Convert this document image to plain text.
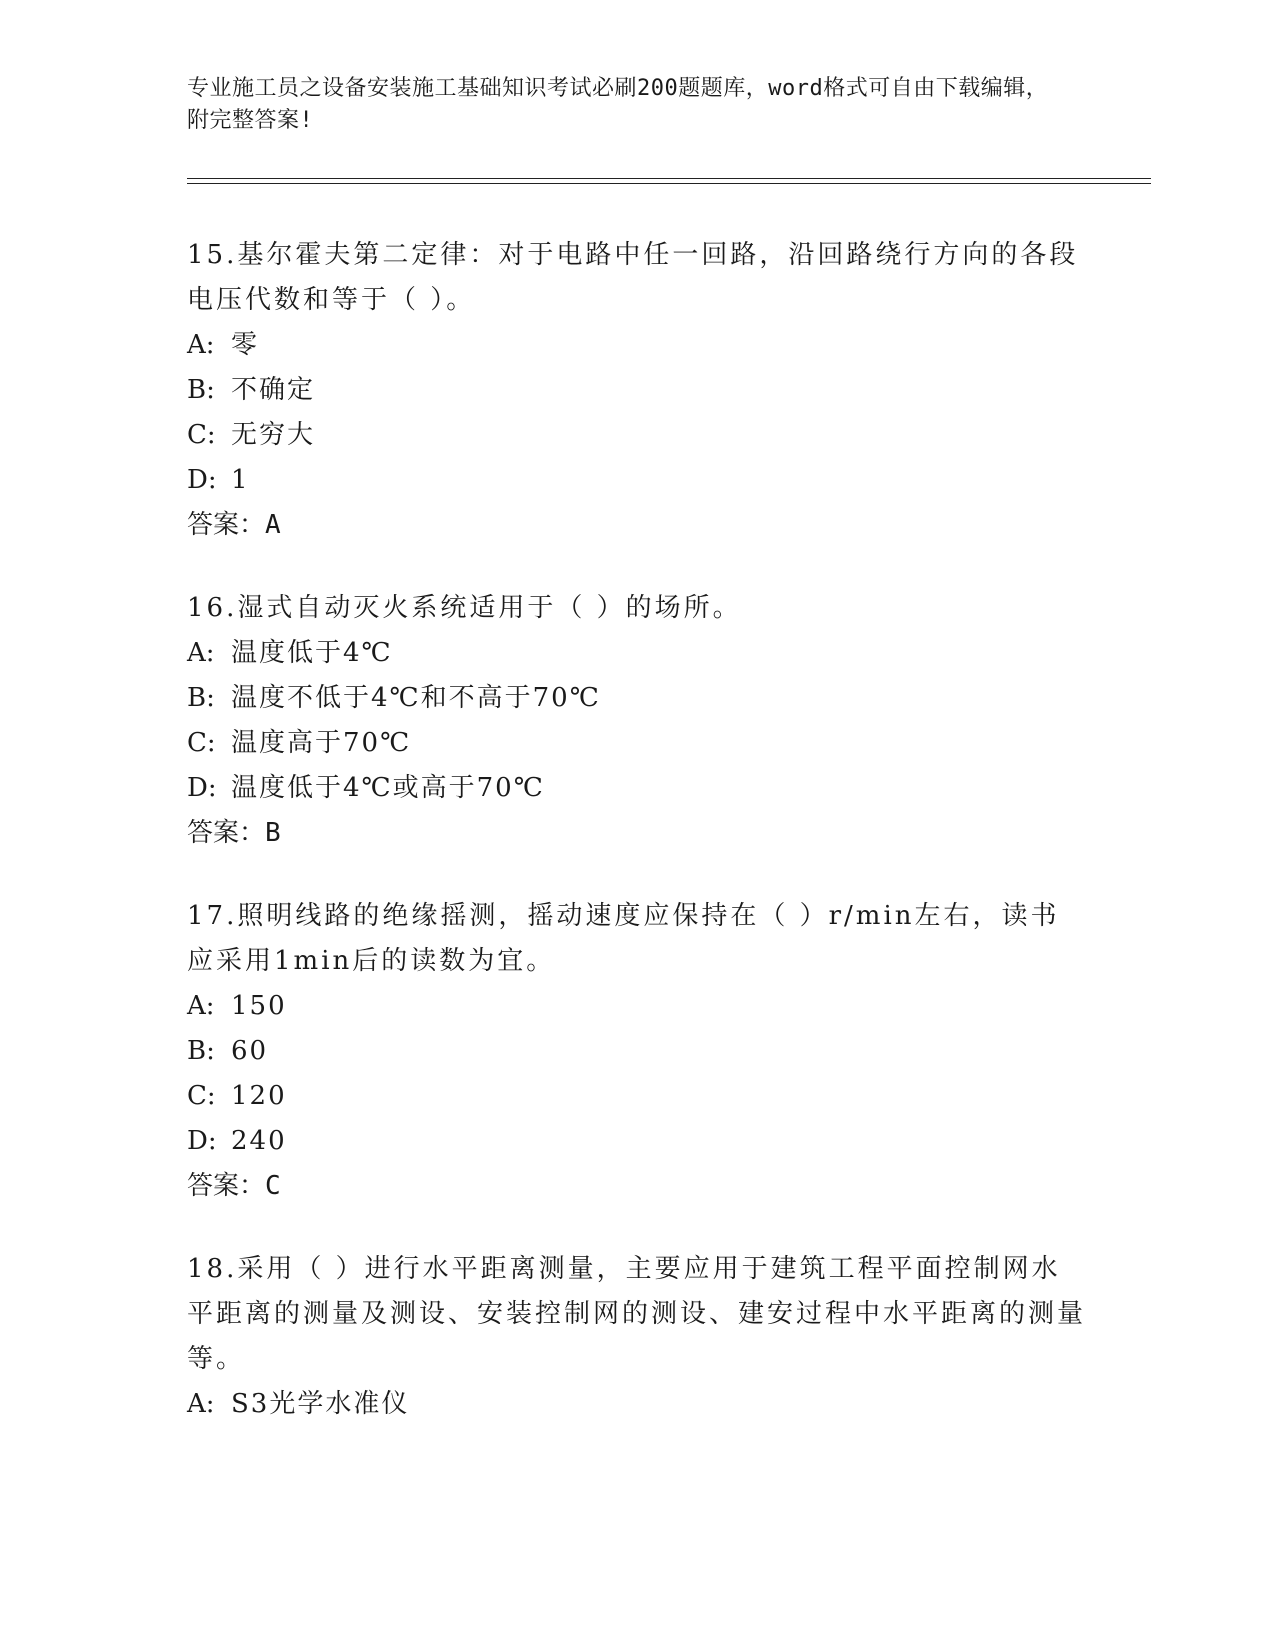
专业施工员之设备安装施工基础知识考试必刷200题题库，word格式可自由下载编辑，附完整答案!

15.基尔霍夫第二定律：对于电路中任一回路，沿回路绕行方向的各段电压代数和等于（ ）。

A: 零

B: 不确定

C: 无穷大

D: 1

答案：A

16.湿式自动灭火系统适用于（ ）的场所。

A: 温度低于4℃

B: 温度不低于4℃和不高于70℃

C: 温度高于70℃

D: 温度低于4℃或高于70℃

答案：B

17.照明线路的绝缘摇测，摇动速度应保持在（ ）r/min左右，读书应采用1min后的读数为宜。

A: 150

B: 60

C: 120

D: 240

答案：C

18.采用（ ）进行水平距离测量，主要应用于建筑工程平面控制网水平距离的测量及测设、安装控制网的测设、建安过程中水平距离的测量等。

A: S3光学水准仪
